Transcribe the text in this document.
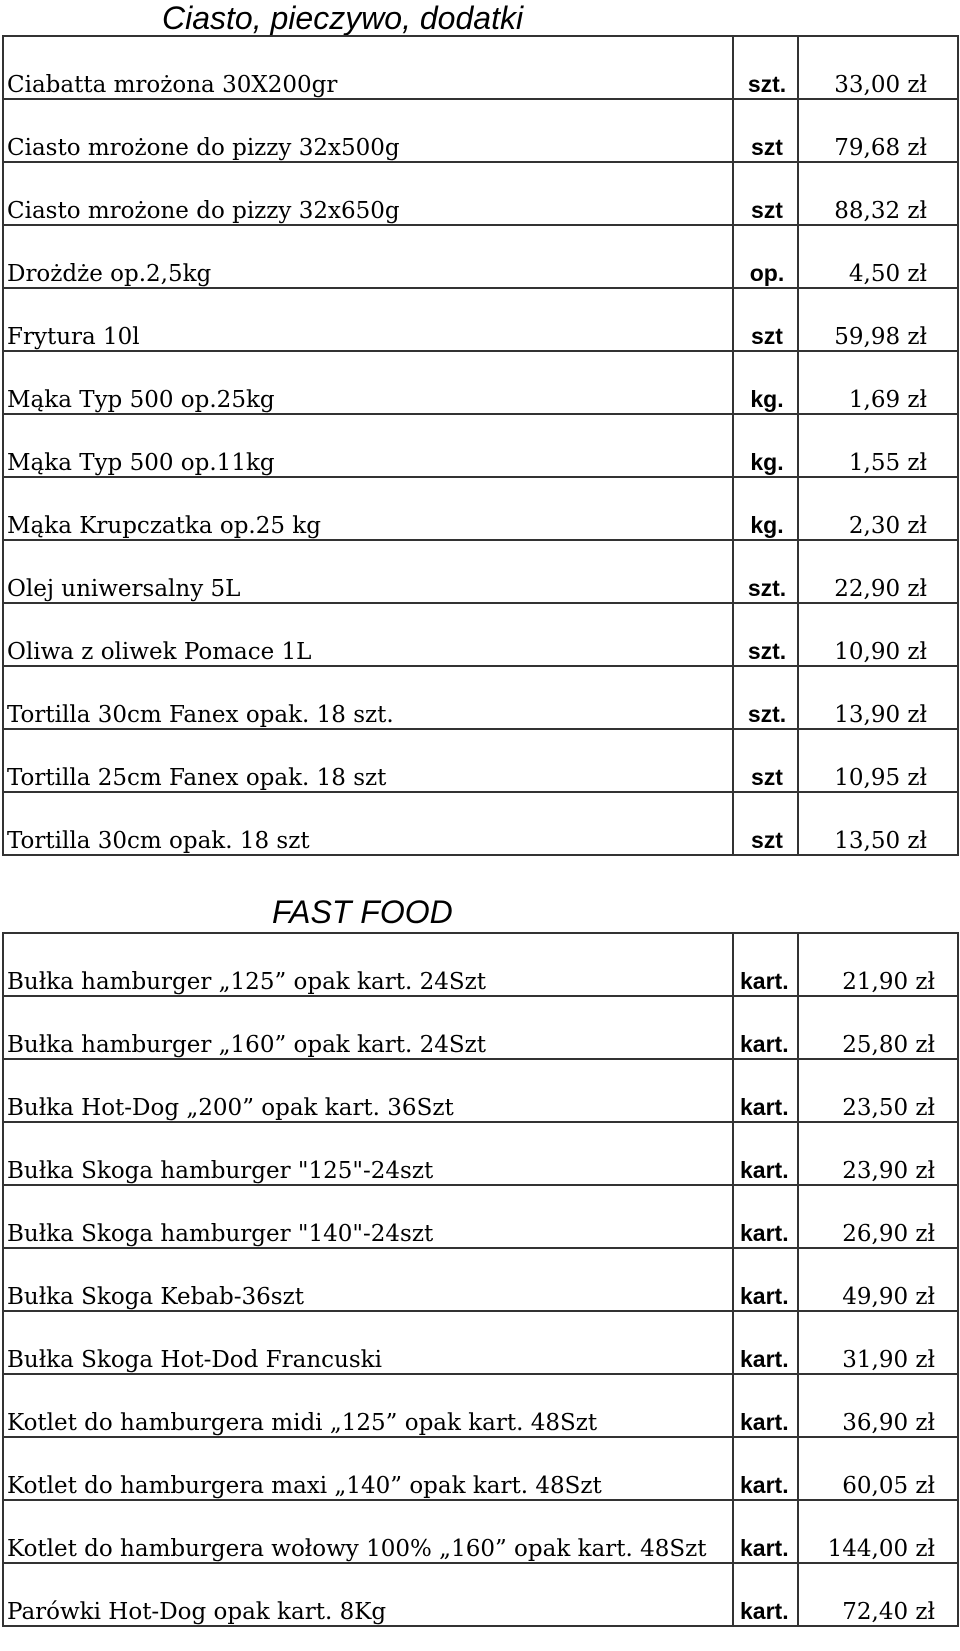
Ciasto, pieczywo, dodatki
Ciabatta mrożona 30X200gr	szt.	33,00 zł
Ciasto mrożone do pizzy 32x500g	szt	79,68 zł
Ciasto mrożone do pizzy 32x650g	szt	88,32 zł
Drożdże op.2,5kg	op.	4,50 zł
Frytura 10l	szt	59,98 zł
Mąka Typ 500 op.25kg	kg.	1,69 zł
Mąka Typ 500 op.11kg	kg.	1,55 zł
Mąka Krupczatka op.25 kg	kg.	2,30 zł
Olej uniwersalny 5L	szt.	22,90 zł
Oliwa z oliwek Pomace 1L	szt.	10,90 zł
Tortilla 30cm Fanex opak. 18 szt.	szt.	13,90 zł
Tortilla 25cm Fanex opak. 18 szt	szt	10,95 zł
Tortilla 30cm opak. 18 szt	szt	13,50 zł
FAST FOOD
Bułka hamburger „125” opak kart. 24Szt	kart.	21,90 zł
Bułka hamburger „160” opak kart. 24Szt	kart.	25,80 zł
Bułka Hot-Dog „200” opak kart. 36Szt	kart.	23,50 zł
Bułka Skoga hamburger "125"-24szt	kart.	23,90 zł
Bułka Skoga hamburger "140"-24szt	kart.	26,90 zł
Bułka Skoga Kebab-36szt	kart.	49,90 zł
Bułka Skoga Hot-Dod Francuski	kart.	31,90 zł
Kotlet do hamburgera midi „125” opak kart. 48Szt	kart.	36,90 zł
Kotlet do hamburgera maxi „140” opak kart. 48Szt	kart.	60,05 zł
Kotlet do hamburgera wołowy 100% „160” opak kart. 48Szt	kart.	144,00 zł
Parówki Hot-Dog opak kart. 8Kg	kart.	72,40 zł
